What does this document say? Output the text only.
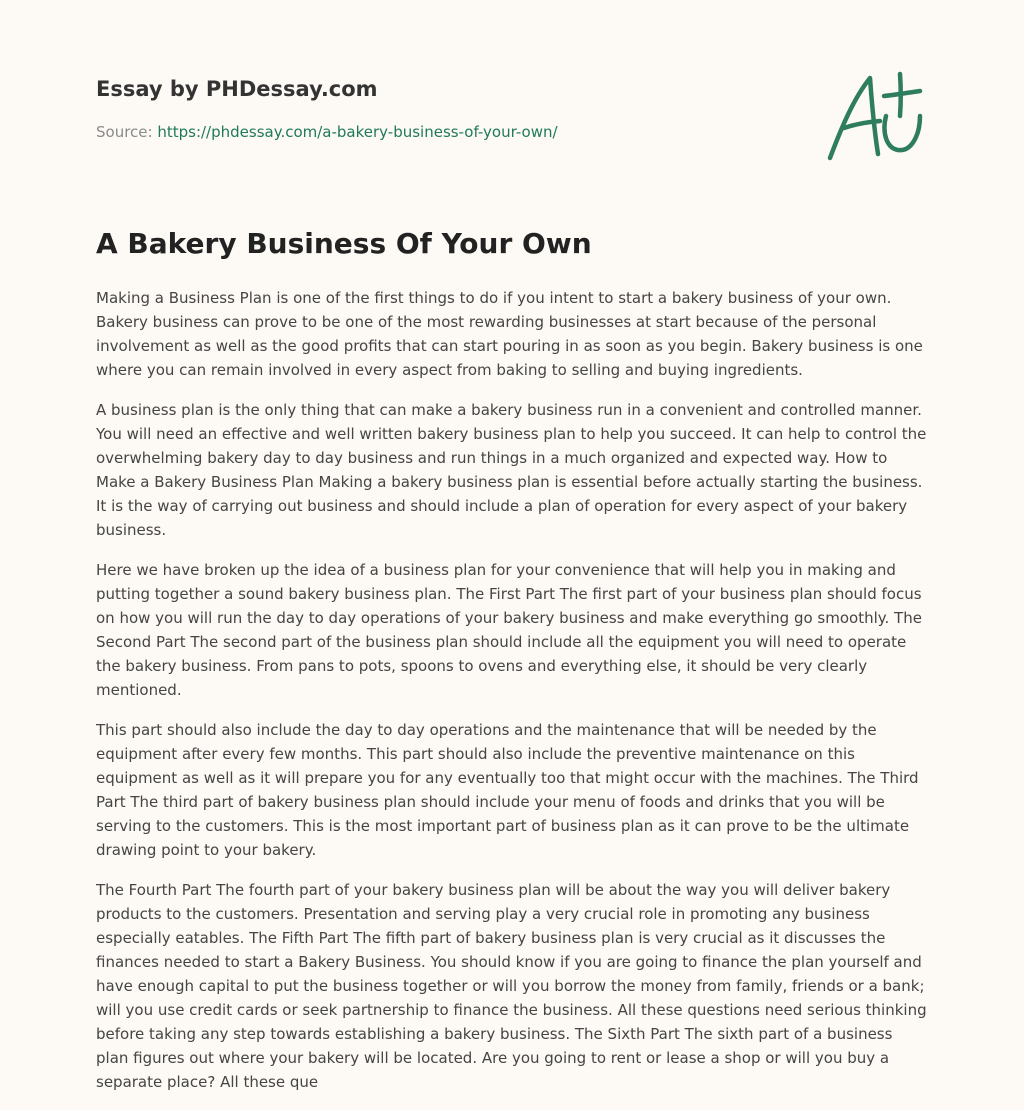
Essay by PHDessay.com
Source: https://phdessay.com/a-bakery-business-of-your-own/
A Bakery Business Of Your Own

Making a Business Plan is one of the first things to do if you intent to start a bakery business of your own. Bakery business can prove to be one of the most rewarding businesses at start because of the personal involvement as well as the good profits that can start pouring in as soon as you begin. Bakery business is one where you can remain involved in every aspect from baking to selling and buying ingredients.

A business plan is the only thing that can make a bakery business run in a convenient and controlled manner. You will need an effective and well written bakery business plan to help you succeed. It can help to control the overwhelming bakery day to day business and run things in a much organized and expected way. How to Make a Bakery Business Plan Making a bakery business plan is essential before actually starting the business. It is the way of carrying out business and should include a plan of operation for every aspect of your bakery business.

Here we have broken up the idea of a business plan for your convenience that will help you in making and putting together a sound bakery business plan. The First Part The first part of your business plan should focus on how you will run the day to day operations of your bakery business and make everything go smoothly. The Second Part The second part of the business plan should include all the equipment you will need to operate the bakery business. From pans to pots, spoons to ovens and everything else, it should be very clearly mentioned.

This part should also include the day to day operations and the maintenance that will be needed by the equipment after every few months. This part should also include the preventive maintenance on this equipment as well as it will prepare you for any eventually too that might occur with the machines. The Third Part The third part of bakery business plan should include your menu of foods and drinks that you will be serving to the customers. This is the most important part of business plan as it can prove to be the ultimate drawing point to your bakery.

The Fourth Part The fourth part of your bakery business plan will be about the way you will deliver bakery products to the customers. Presentation and serving play a very crucial role in promoting any business especially eatables. The Fifth Part The fifth part of bakery business plan is very crucial as it discusses the finances needed to start a Bakery Business. You should know if you are going to finance the plan yourself and have enough capital to put the business together or will you borrow the money from family, friends or a bank; will you use credit cards or seek partnership to finance the business. All these questions need serious thinking before taking any step towards establishing a bakery business. The Sixth Part The sixth part of a business plan figures out where your bakery will be located. Are you going to rent or lease a shop or will you buy a separate place? All these que
